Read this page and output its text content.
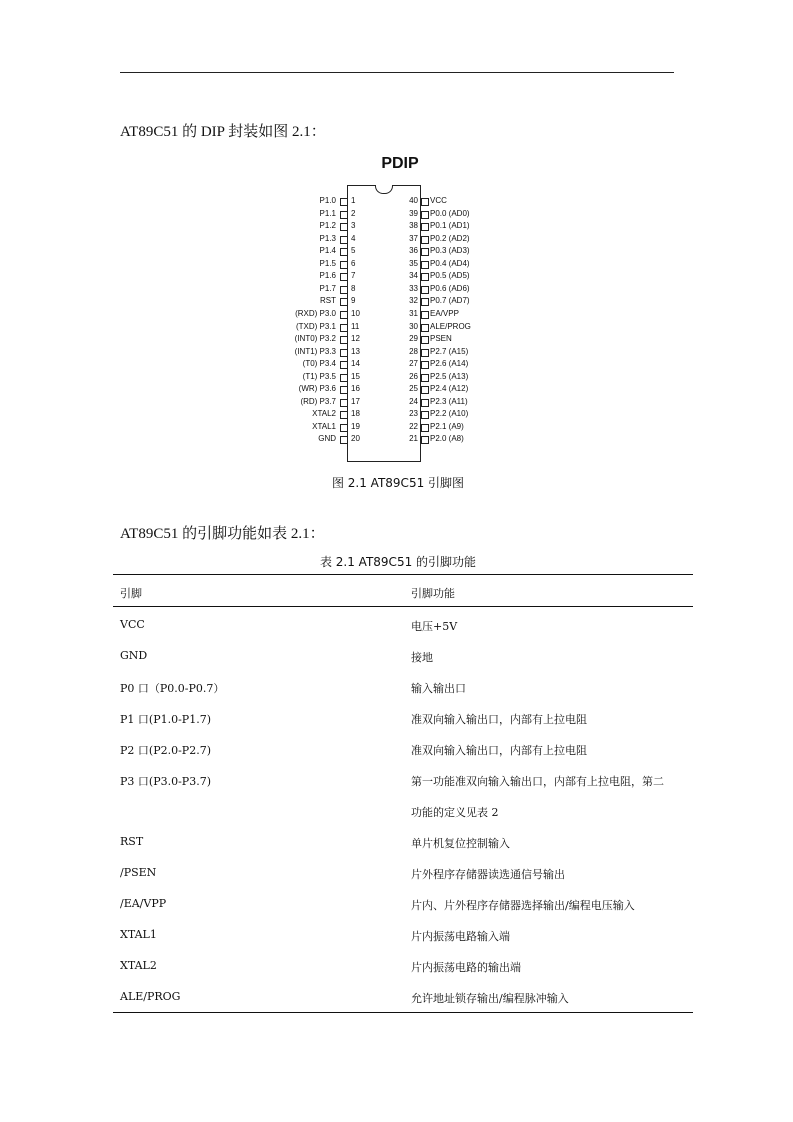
AT89C51 的 DIP 封装如图 2.1：
PDIP
P1.0 1
P1.1 2
P1.2 3
P1.3 4
P1.4 5
P1.5 6
P1.6 7
P1.7 8
RST 9
(RXD) P3.0 10
(TXD) P3.1 11
(INT0) P3.2 12
(INT1) P3.3 13
(T0) P3.4 14
(T1) P3.5 15
(WR) P3.6 16
(RD) P3.7 17
XTAL2 18
XTAL1 19
GND 20
40 VCC
39 P0.0 (AD0)
38 P0.1 (AD1)
37 P0.2 (AD2)
36 P0.3 (AD3)
35 P0.4 (AD4)
34 P0.5 (AD5)
33 P0.6 (AD6)
32 P0.7 (AD7)
31 EA/VPP
30 ALE/PROG
29 PSEN
28 P2.7 (A15)
27 P2.6 (A14)
26 P2.5 (A13)
25 P2.4 (A12)
24 P2.3 (A11)
23 P2.2 (A10)
22 P2.1 (A9)
21 P2.0 (A8)
图 2.1 AT89C51 引脚图
AT89C51 的引脚功能如表 2.1：
表 2.1 AT89C51 的引脚功能
引脚	引脚功能
VCC	电压+5V
GND	接地
P0 口（P0.0-P0.7）	输入输出口
P1 口(P1.0-P1.7)	准双向输入输出口，内部有上拉电阻
P2 口(P2.0-P2.7)	准双向输入输出口，内部有上拉电阻
P3 口(P3.0-P3.7)	第一功能准双向输入输出口，内部有上拉电阻，第二
功能的定义见表 2
RST	单片机复位控制输入
/PSEN	片外程序存储器读选通信号输出
/EA/VPP	片内、片外程序存储器选择输出/编程电压输入
XTAL1	片内振荡电路输入端
XTAL2	片内振荡电路的输出端
ALE/PROG	允许地址锁存输出/编程脉冲输入
